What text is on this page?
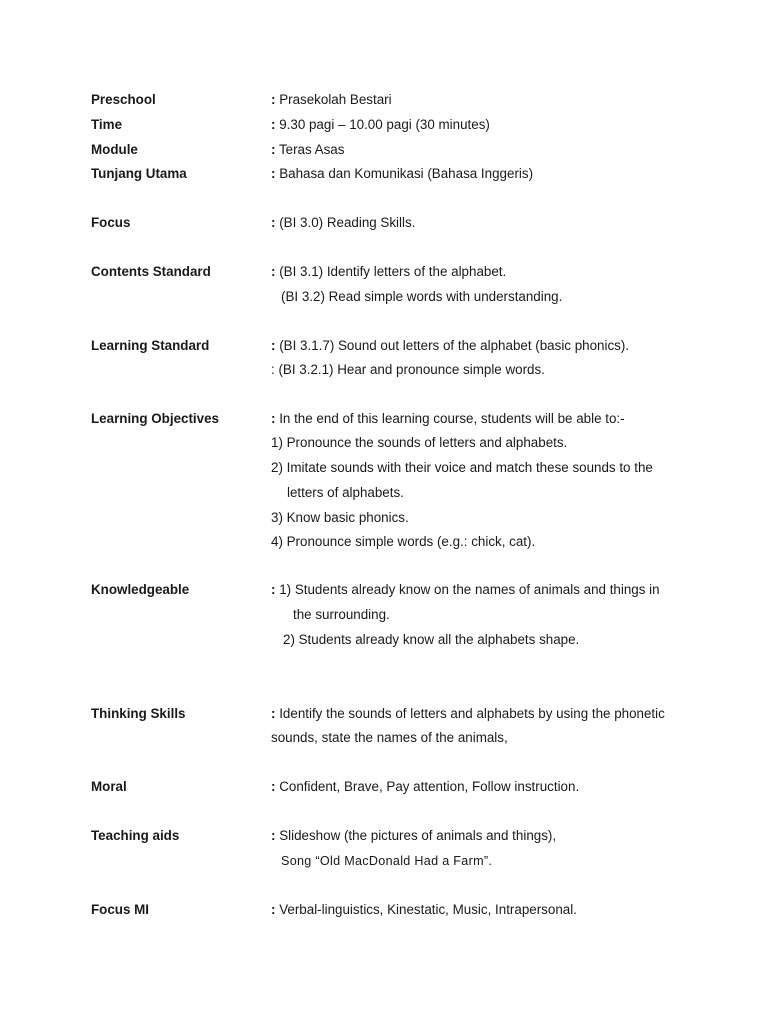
Preschool	: Prasekolah Bestari
Time	: 9.30 pagi – 10.00 pagi (30 minutes)
Module	: Teras Asas
Tunjang Utama	: Bahasa dan Komunikasi (Bahasa Inggeris)
Focus	: (BI 3.0) Reading Skills.
Contents Standard	: (BI 3.1) Identify letters of the alphabet.
(BI 3.2) Read simple words with understanding.
Learning Standard	: (BI 3.1.7) Sound out letters of the alphabet (basic phonics).
: (BI 3.2.1) Hear and pronounce simple words.
Learning Objectives	: In the end of this learning course, students will be able to:-
1) Pronounce the sounds of letters and alphabets.
2) Imitate sounds with their voice and match these sounds to the
letters of alphabets.
3) Know basic phonics.
4) Pronounce simple words (e.g.: chick, cat).
Knowledgeable	: 1) Students already know on the names of animals and things in
the surrounding.
2) Students already know all the alphabets shape.
Thinking Skills	: Identify the sounds of letters and alphabets by using the phonetic
sounds, state the names of the animals,
Moral	: Confident, Brave, Pay attention, Follow instruction.
Teaching aids	: Slideshow (the pictures of animals and things),
Song “Old MacDonald Had a Farm”.
Focus MI	: Verbal-linguistics, Kinestatic, Music, Intrapersonal.
